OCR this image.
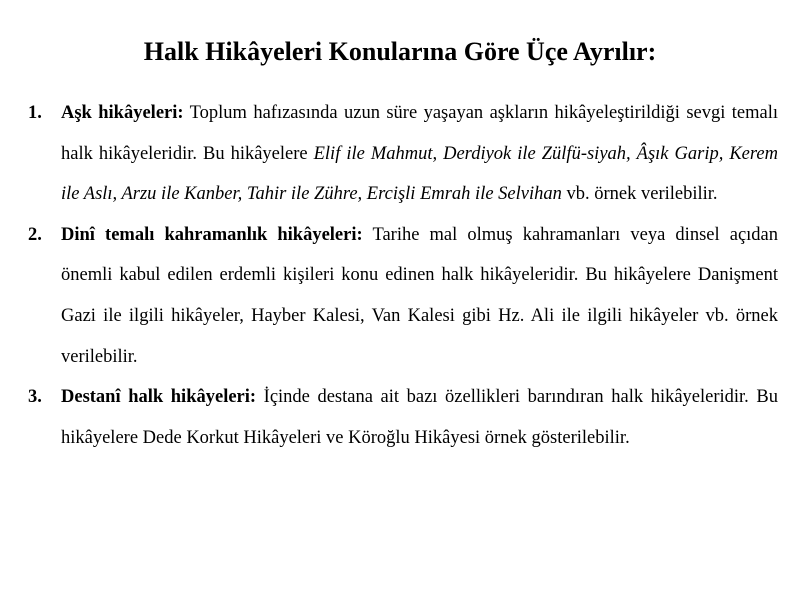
Halk Hikâyeleri Konularına Göre Üçe Ayrılır:
1. Aşk hikâyeleri: Toplum hafızasında uzun süre yaşayan aşkların hikâyeleştirildiği sevgi temalı halk hikâyeleridir. Bu hikâyelere Elif ile Mahmut, Derdiyok ile Zülfü-siyah, Âşık Garip, Kerem ile Aslı, Arzu ile Kanber, Tahir ile Zühre, Ercişli Emrah ile Selvihan vb. örnek verilebilir.
2. Dinî temalı kahramanlık hikâyeleri: Tarihe mal olmuş kahramanları veya dinsel açıdan önemli kabul edilen erdemli kişileri konu edinen halk hikâyeleridir. Bu hikâyelere Danişment Gazi ile ilgili hikâyeler, Hayber Kalesi, Van Kalesi gibi Hz. Ali ile ilgili hikâyeler vb. örnek verilebilir.
3. Destanî halk hikâyeleri: İçinde destana ait bazı özellikleri barındıran halk hikâyeleridir. Bu hikâyelere Dede Korkut Hikâyeleri ve Köroğlu Hikâyesi örnek gösterilebilir.
